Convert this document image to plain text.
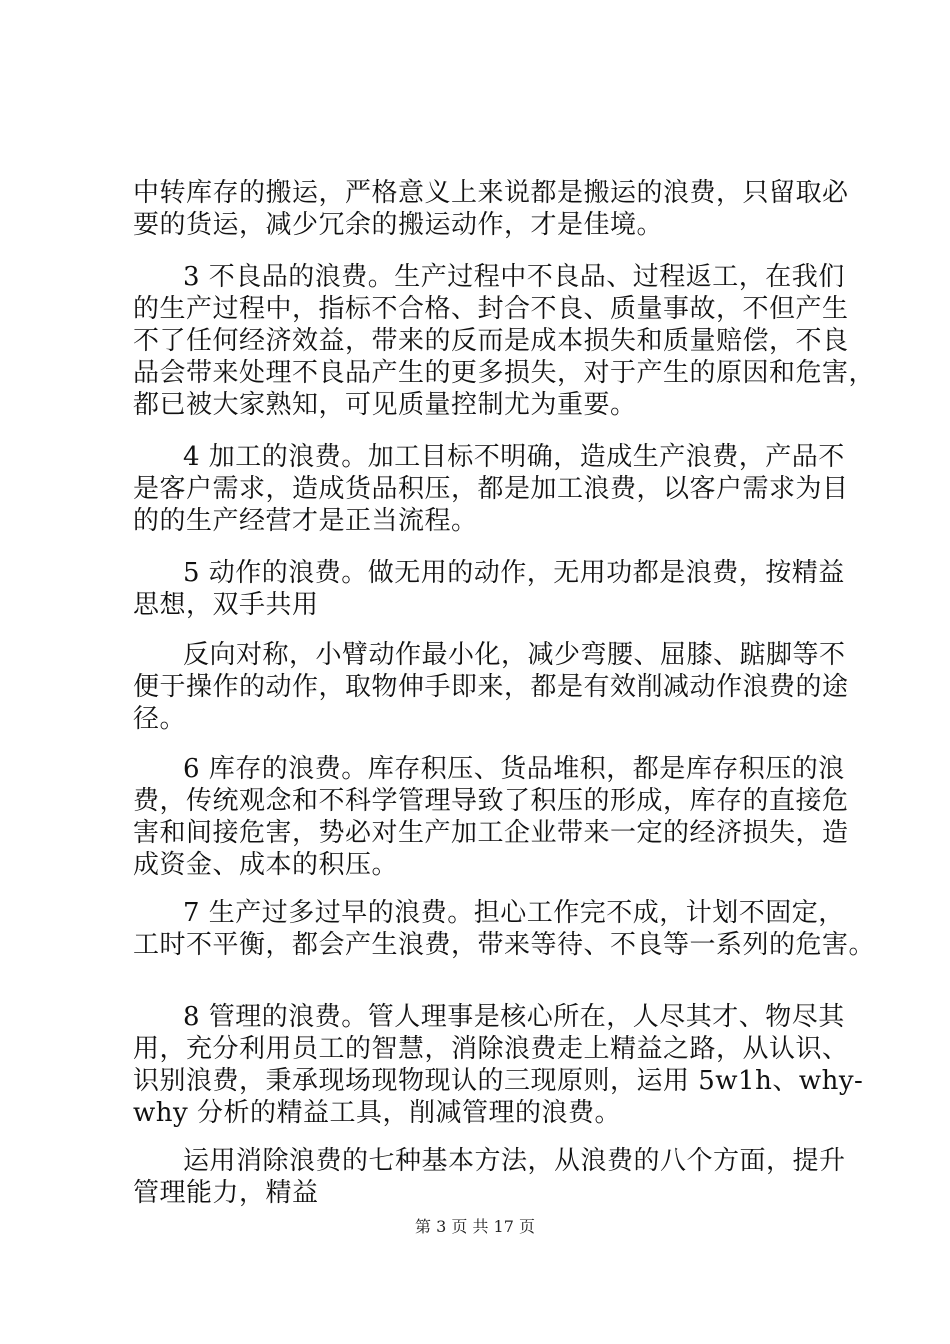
中转库存的搬运，严格意义上来说都是搬运的浪费，只留取必
要的货运，减少冗余的搬运动作，才是佳境。
3 不良品的浪费。生产过程中不良品、过程返工，在我们
的生产过程中，指标不合格、封合不良、质量事故，不但产生
不了任何经济效益，带来的反而是成本损失和质量赔偿，不良
品会带来处理不良品产生的更多损失，对于产生的原因和危害，
都已被大家熟知，可见质量控制尤为重要。
4 加工的浪费。加工目标不明确，造成生产浪费，产品不
是客户需求，造成货品积压，都是加工浪费，以客户需求为目
的的生产经营才是正当流程。
5 动作的浪费。做无用的动作，无用功都是浪费，按精益
思想，双手共用
反向对称，小臂动作最小化，减少弯腰、屈膝、踮脚等不
便于操作的动作，取物伸手即来，都是有效削减动作浪费的途
径。
6 库存的浪费。库存积压、货品堆积，都是库存积压的浪
费，传统观念和不科学管理导致了积压的形成，库存的直接危
害和间接危害，势必对生产加工企业带来一定的经济损失，造
成资金、成本的积压。
7 生产过多过早的浪费。担心工作完不成，计划不固定，
工时不平衡，都会产生浪费，带来等待、不良等一系列的危害。
8 管理的浪费。管人理事是核心所在，人尽其才、物尽其
用，充分利用员工的智慧，消除浪费走上精益之路，从认识、
识别浪费，秉承现场现物现认的三现原则，运用 5w1h、why-
why 分析的精益工具，削减管理的浪费。
运用消除浪费的七种基本方法，从浪费的八个方面，提升
管理能力，精益
第 3 页 共 17 页
